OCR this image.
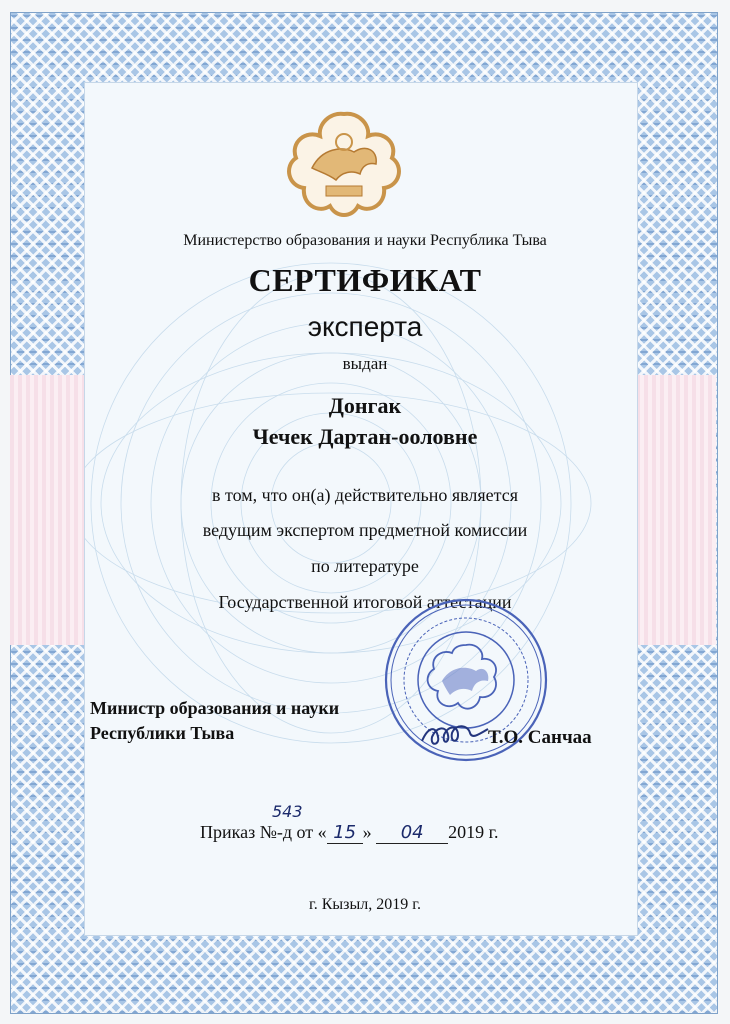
Министерство образования и науки Республика Тыва
СЕРТИФИКАТ
эксперта
выдан
Донгак
Чечек Дартан-ооловне
в том, что он(а) действительно является
ведущим экспертом предметной комиссии
по литературе
Государственной итоговой аттестации
Министр образования и науки
Республики Тыва	Т.О. Санчаа
543
Приказ №-д от « 15 » 04 2019 г.
г. Кызыл, 2019 г.
